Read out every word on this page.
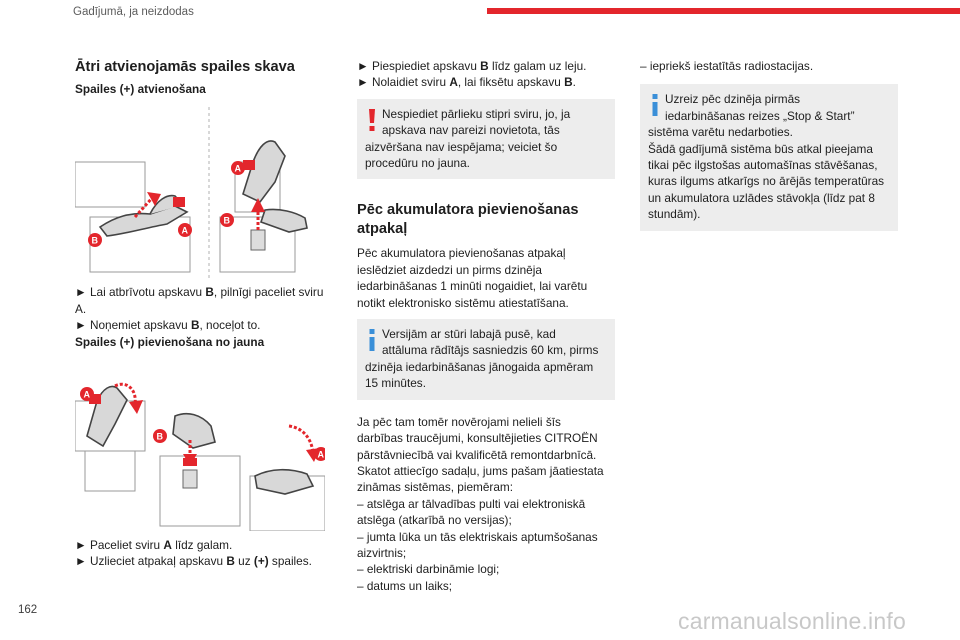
Gadījumā, ja neizdodas
Ātri atvienojamās spailes skava
Spailes (+) atvienošana
B
A
A
B
► Lai atbrīvotu apskavu B, pilnīgi paceliet sviru
A.
► Noņemiet apskavu B, noceļot to.
Spailes (+) pievienošana no jauna
A
B
A
► Paceliet sviru A līdz galam.
► Uzlieciet atpakaļ apskavu B uz (+) spailes.
► Piespiediet apskavu B līdz galam uz leju.
► Nolaidiet sviru A, lai fiksētu apskavu B.
Nespiediet pārlieku stipri sviru, jo, ja
apskava nav pareizi novietota, tās
aizvēršana nav iespējama; veiciet šo
procedūru no jauna.
Pēc akumulatora pievienošanas
atpakaļ
Pēc akumulatora pievienošanas atpakaļ
ieslēdziet aizdedzi un pirms dzinēja
iedarbināšanas 1 minūti nogaidiet, lai varētu
notikt elektronisko sistēmu atiestatīšana.
Versijām ar stūri labajā pusē, kad
attāluma rādītājs sasniedzis 60 km, pirms
dzinēja iedarbināšanas jānogaida apmēram
15 minūtes.
Ja pēc tam tomēr novērojami nelieli šīs
darbības traucējumi, konsultējieties CITROËN
pārstāvniecībā vai kvalificētā remontdarbnīcā.
Skatot attiecīgo sadaļu, jums pašam jāatiestata
zināmas sistēmas, piemēram:
– atslēga ar tālvadības pulti vai elektroniskā
atslēga (atkarībā no versijas);
– jumta lūka un tās elektriskais aptumšošanas
aizvirtnis;
– elektriski darbināmie logi;
– datums un laiks;
– iepriekš iestatītās radiostacijas.
Uzreiz pēc dzinēja pirmās
iedarbināšanas reizes „Stop & Start”
sistēma varētu nedarboties.
Šādā gadījumā sistēma būs atkal pieejama
tikai pēc ilgstošas automašīnas stāvēšanas,
kuras ilgums atkarīgs no ārējās temperatūras
un akumulatora uzlādes stāvokļa (līdz pat 8
stundām).
162	carmanualsonline.info
